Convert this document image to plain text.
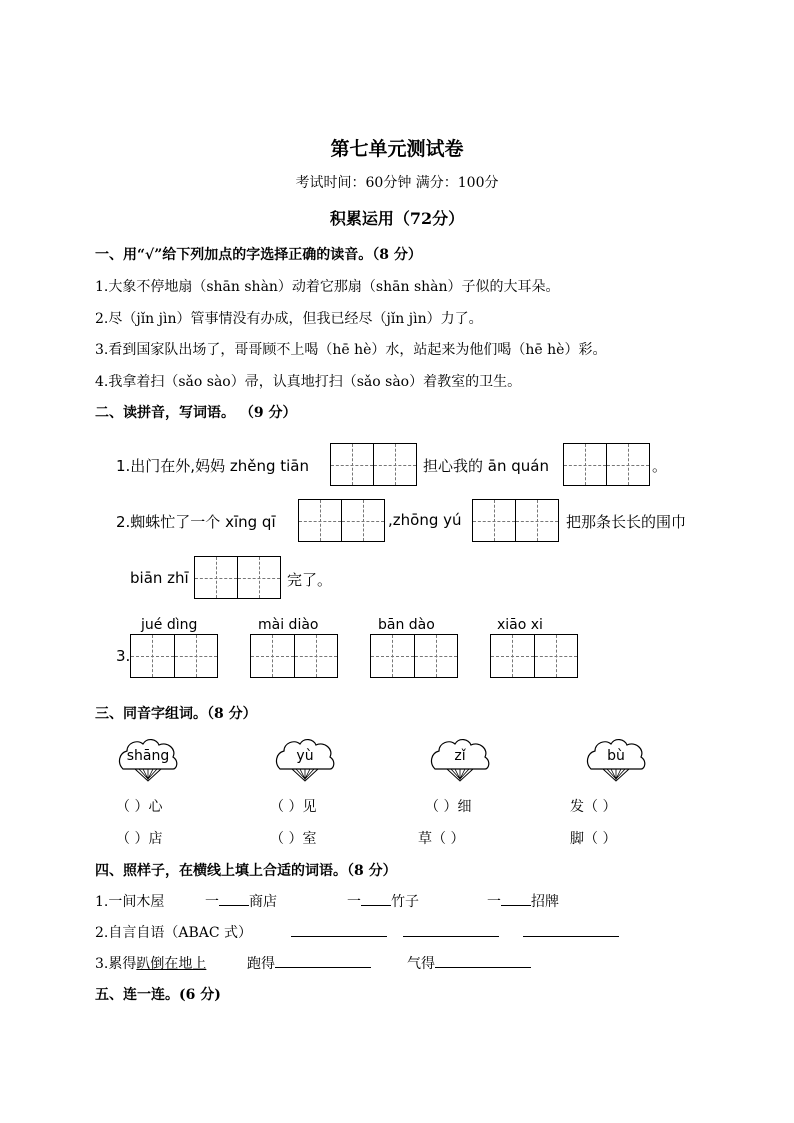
第七单元测试卷
考试时间：60分钟 满分：100分
积累运用（72分）
一、用“√”给下列加点的字选择正确的读音。（8 分）
1.大象不停地扇（shān shàn）动着它那扇（shān shàn）子似的大耳朵。
2.尽（jǐn jìn）管事情没有办成，但我已经尽（jǐn jìn）力了。
3.看到国家队出场了，哥哥顾不上喝（hē hè）水，站起来为他们喝（hē hè）彩。
4.我拿着扫（sǎo sào）帚，认真地打扫（sǎo sào）着教室的卫生。
二、读拼音，写词语。 （9 分）
1.出门在外,妈妈 zhěng tiān	担心我的 ān quán	。
2.蜘蛛忙了一个 xīng qī	,zhōng yú	把那条长长的围巾
biān zhī	完了。
jué dìng	mài diào	bān dào	xiāo xi
3.
三、同音字组词。（8 分）
shāng	yù	zǐ	bù
（ ）心	（ ）见	（ ）细	发（ ）
（ ）店	（ ）室	草（ ）	脚（ ）
四、照样子，在横线上填上合适的词语。（8 分）
1.一间木屋	一 商店	一 竹子	一 招牌
2.自言自语（ABAC 式）
3.累得趴倒在地上	跑得	气得
五、连一连。(6 分)
